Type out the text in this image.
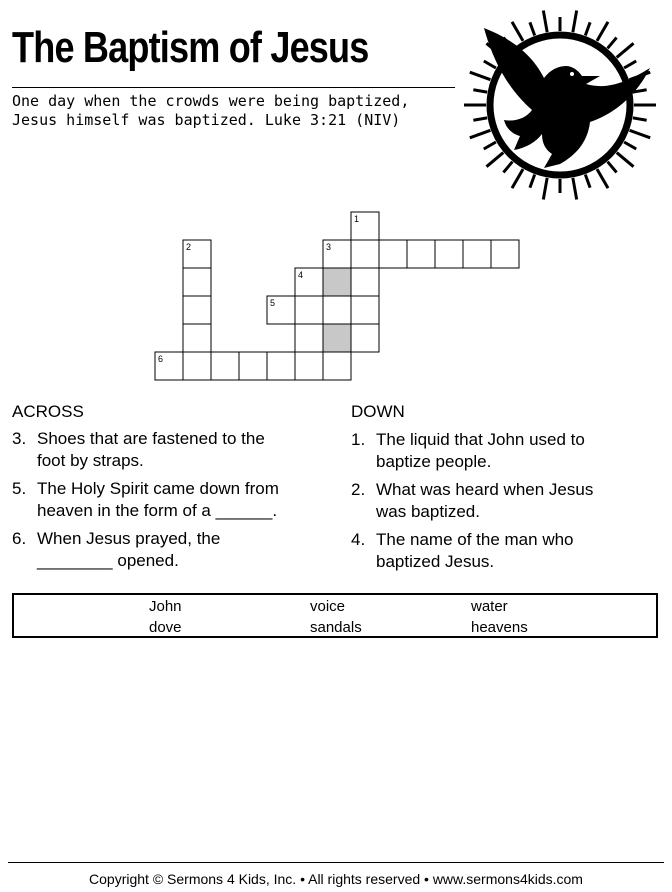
The Baptism of Jesus
One day when the crowds were being baptized,
Jesus himself was baptized. Luke 3:21 (NIV)
1
2	3
4
5
6
ACROSS
3. Shoes that are fastened to the
foot by straps.
5. The Holy Spirit came down from
heaven in the form of a ______.
6. When Jesus prayed, the
________ opened.
DOWN
1. The liquid that John used to
baptize people.
2. What was heard when Jesus
was baptized.
4. The name of the man who
baptized Jesus.
John	voice	water
dove	sandals	heavens
Copyright © Sermons 4 Kids, Inc. • All rights reserved • www.sermons4kids.com
